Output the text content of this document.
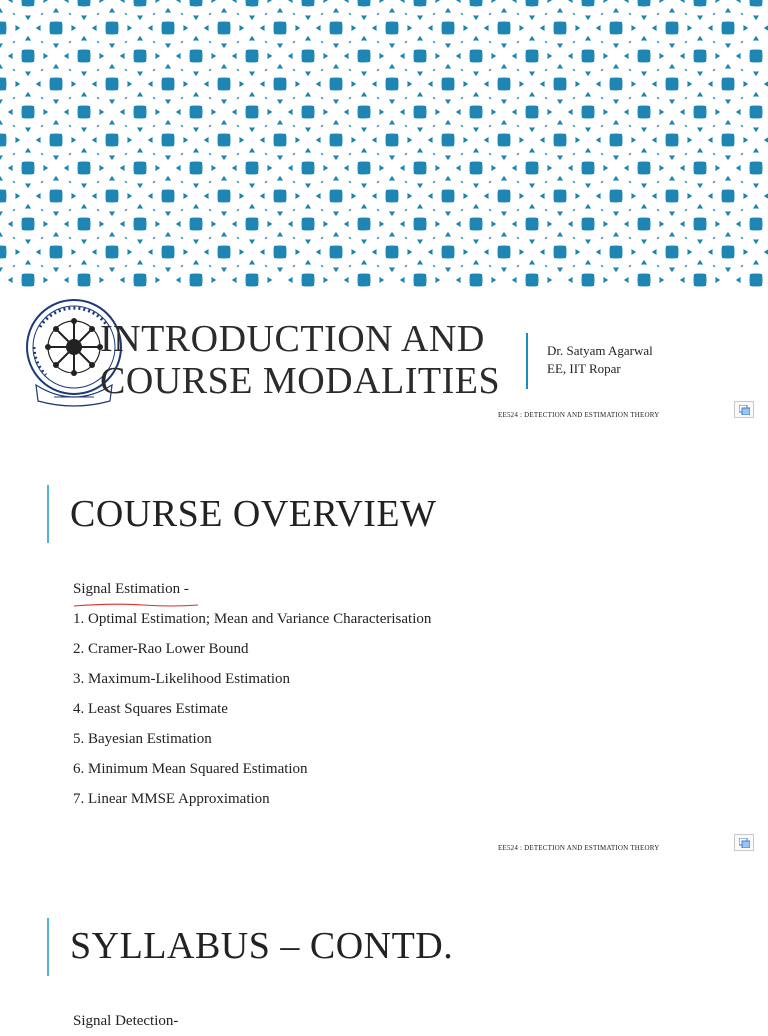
INTRODUCTION AND
COURSE MODALITIES
Dr. Satyam Agarwal
EE, IIT Ropar
EE524 : DETECTION AND ESTIMATION THEORY
COURSE OVERVIEW
Signal Estimation
-
1. Optimal Estimation; Mean and Variance Characterisation
2. Cramer-Rao Lower Bound
3. Maximum-Likelihood Estimation
4. Least Squares Estimate
5. Bayesian Estimation
6. Minimum Mean Squared Estimation
7. Linear MMSE Approximation
EE524 : DETECTION AND ESTIMATION THEORY
SYLLABUS – CONTD.
Signal Detection-
